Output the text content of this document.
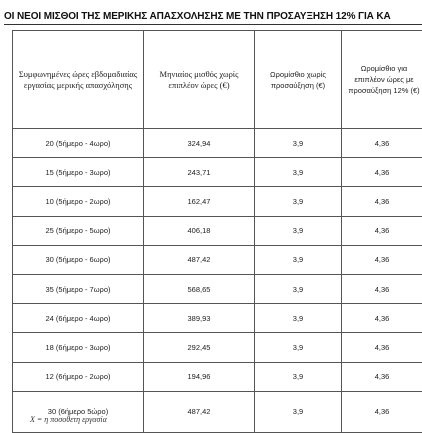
ΟΙ ΝΕΟΙ ΜΙΣΘΟΙ ΤΗΣ ΜΕΡΙΚΗΣ ΑΠΑΣΧΟΛΗΣΗΣ ΜΕ ΤΗΝ ΠΡΟΣΑΥΞΗΣΗ 12% ΓΙΑ ΚΑ
Συμφωνημένες ώρες εβδομαδιαίας εργασίας μερικής απασχόλησης	Μηνιαίος μισθός χωρίς επιπλέον ώρες (€)	Ωρομίσθιο χωρίς προσαύξηση (€)	Ωρομίσθιο για επιπλέον ώρες με προσαύξηση 12% (€)
20 (5ήμερο - 4ωρο)	324,94	3,9	4,36
15 (5ήμερο - 3ωρο)	243,71	3,9	4,36
10 (5ήμερο - 2ωρο)	162,47	3,9	4,36
25 (5ήμερο - 5ωρο)	406,18	3,9	4,36
30 (5ήμερο - 6ωρο)	487,42	3,9	4,36
35 (5ήμερο - 7ωρο)	568,65	3,9	4,36
24 (6ήμερο - 4ωρο)	389,93	3,9	4,36
18 (6ήμερο - 3ωρο)	292,45	3,9	4,36
12 (6ήμερο - 2ωρο)	194,96	3,9	4,36
30 (6ήμερο 5ώρο)	487,42	3,9	4,36
X = η ποσοθετη εργασία
